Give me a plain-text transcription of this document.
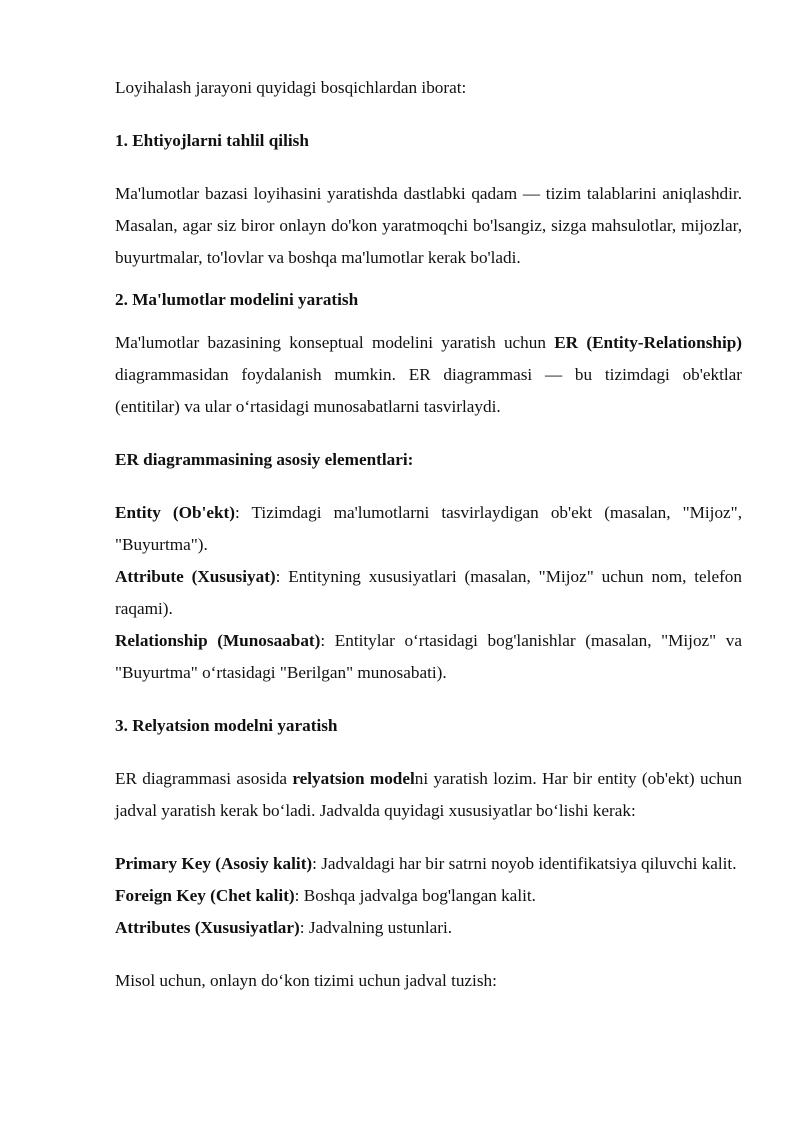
Loyihalash jarayoni quyidagi bosqichlardan iborat:

1. Ehtiyojlarni tahlil qilish

Ma'lumotlar bazasi loyihasini yaratishda dastlabki qadam — tizim talablarini aniqlashdir. Masalan, agar siz biror onlayn do'kon yaratmoqchi bo'lsangiz, sizga mahsulotlar, mijozlar, buyurtmalar, to'lovlar va boshqa ma'lumotlar kerak bo'ladi.

2. Ma'lumotlar modelini yaratish

Ma'lumotlar bazasining konseptual modelini yaratish uchun ER (Entity-Relationship) diagrammasidan foydalanish mumkin. ER diagrammasi — bu tizimdagi ob'ektlar (entitilar) va ular o‘rtasidagi munosabatlarni tasvirlaydi.

ER diagrammasining asosiy elementlari:

Entity (Ob'ekt): Tizimdagi ma'lumotlarni tasvirlaydigan ob'ekt (masalan, "Mijoz", "Buyurtma").

Attribute (Xususiyat): Entityning xususiyatlari (masalan, "Mijoz" uchun nom, telefon raqami).

Relationship (Munosaabat): Entitylar o‘rtasidagi bog'lanishlar (masalan, "Mijoz" va "Buyurtma" o‘rtasidagi "Berilgan" munosabati).

3. Relyatsion modelni yaratish

ER diagrammasi asosida relyatsion modelni yaratish lozim. Har bir entity (ob'ekt) uchun jadval yaratish kerak bo‘ladi. Jadvalda quyidagi xususiyatlar bo‘lishi kerak:

Primary Key (Asosiy kalit): Jadvaldagi har bir satrni noyob identifikatsiya qiluvchi kalit.

Foreign Key (Chet kalit): Boshqa jadvalga bog'langan kalit.

Attributes (Xususiyatlar): Jadvalning ustunlari.

Misol uchun, onlayn do‘kon tizimi uchun jadval tuzish:
